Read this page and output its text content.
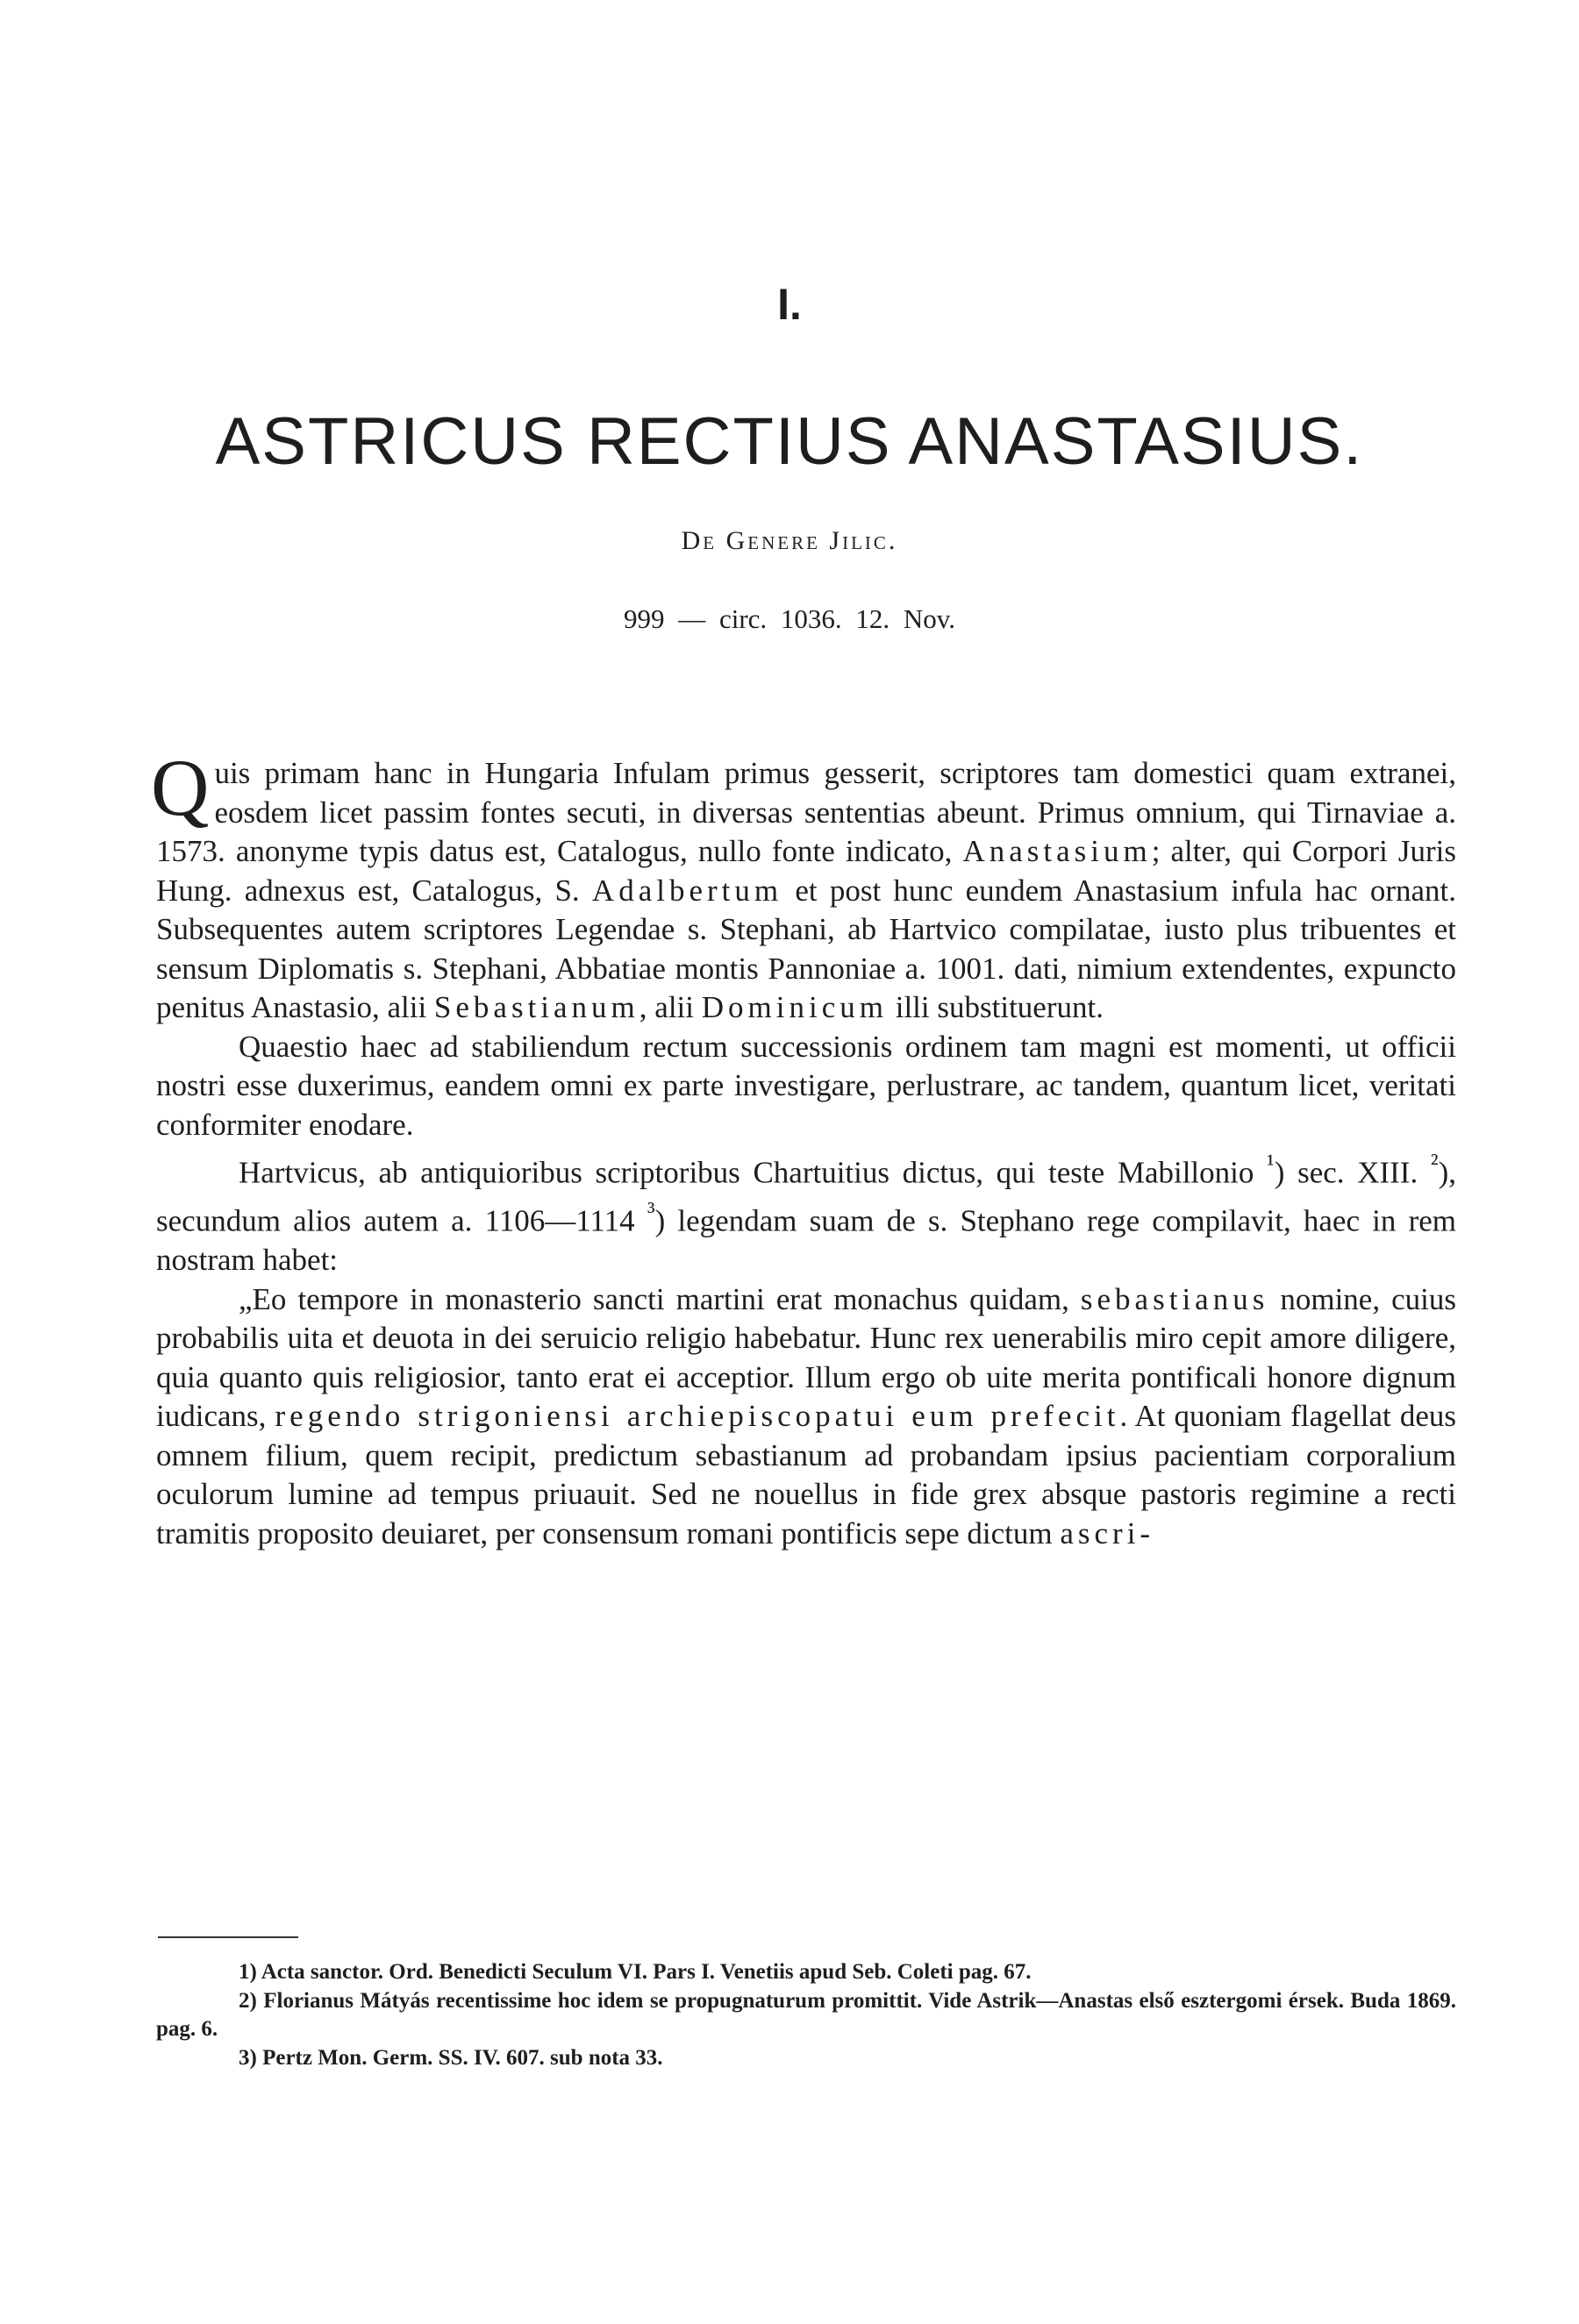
I.
ASTRICUS RECTIUS ANASTASIUS.
De Genere Jilic.
999 — circ. 1036. 12. Nov.

Quis primam hanc in Hungaria Infulam primus gesserit, scriptores tam domestici quam extranei, eosdem licet passim fontes secuti, in diversas sententias abeunt. Primus omnium, qui Tirnaviae a. 1573. anonyme typis datus est, Catalogus, nullo fonte indicato, Anastasium; alter, qui Corpori Juris Hung. adnexus est, Catalogus, S. Adalbertum et post hunc eundem Anastasium infula hac ornant. Subsequentes autem scriptores Legendae s. Stephani, ab Hartvico compilatae, iusto plus tribuentes et sensum Diplomatis s. Stephani, Abbatiae montis Pannoniae a. 1001. dati, nimium extendentes, expuncto penitus Anastasio, alii Sebastianum, alii Dominicum illi substituerunt.

Quaestio haec ad stabiliendum rectum successionis ordinem tam magni est momenti, ut officii nostri esse duxerimus, eandem omni ex parte investigare, perlustrare, ac tandem, quantum licet, veritati conformiter enodare.

Hartvicus, ab antiquioribus scriptoribus Chartuitius dictus, qui teste Mabillonio $^{^1}$) sec. XIII. $^{^2}$), secundum alios autem a. 1106—1114 $^{^3}$) legendam suam de s. Stephano rege compilavit, haec in rem nostram habet:

„Eo tempore in monasterio sancti martini erat monachus quidam, sebastianus nomine, cuius probabilis uita et deuota in dei seruicio religio habebatur. Hunc rex uenerabilis miro cepit amore diligere, quia quanto quis religiosior, tanto erat ei acceptior. Illum ergo ob uite merita pontificali honore dignum iudicans, regendo strigoniensi archiepiscopatui eum prefecit. At quoniam flagellat deus omnem filium, quem recipit, predictum sebastianum ad probandam ipsius pacientiam corporalium oculorum lumine ad tempus priuauit. Sed ne nouellus in fide grex absque pastoris regimine a recti tramitis proposito deuiaret, per consensum romani pontificis sepe dictum ascri-

1) Acta sanctor. Ord. Benedicti Seculum VI. Pars I. Venetiis apud Seb. Coleti pag. 67.

2) Florianus Mátyás recentissime hoc idem se propugnaturum promittit. Vide Astrik—Anastas első esztergomi érsek. Buda 1869. pag. 6.

3) Pertz Mon. Germ. SS. IV. 607. sub nota 33.
